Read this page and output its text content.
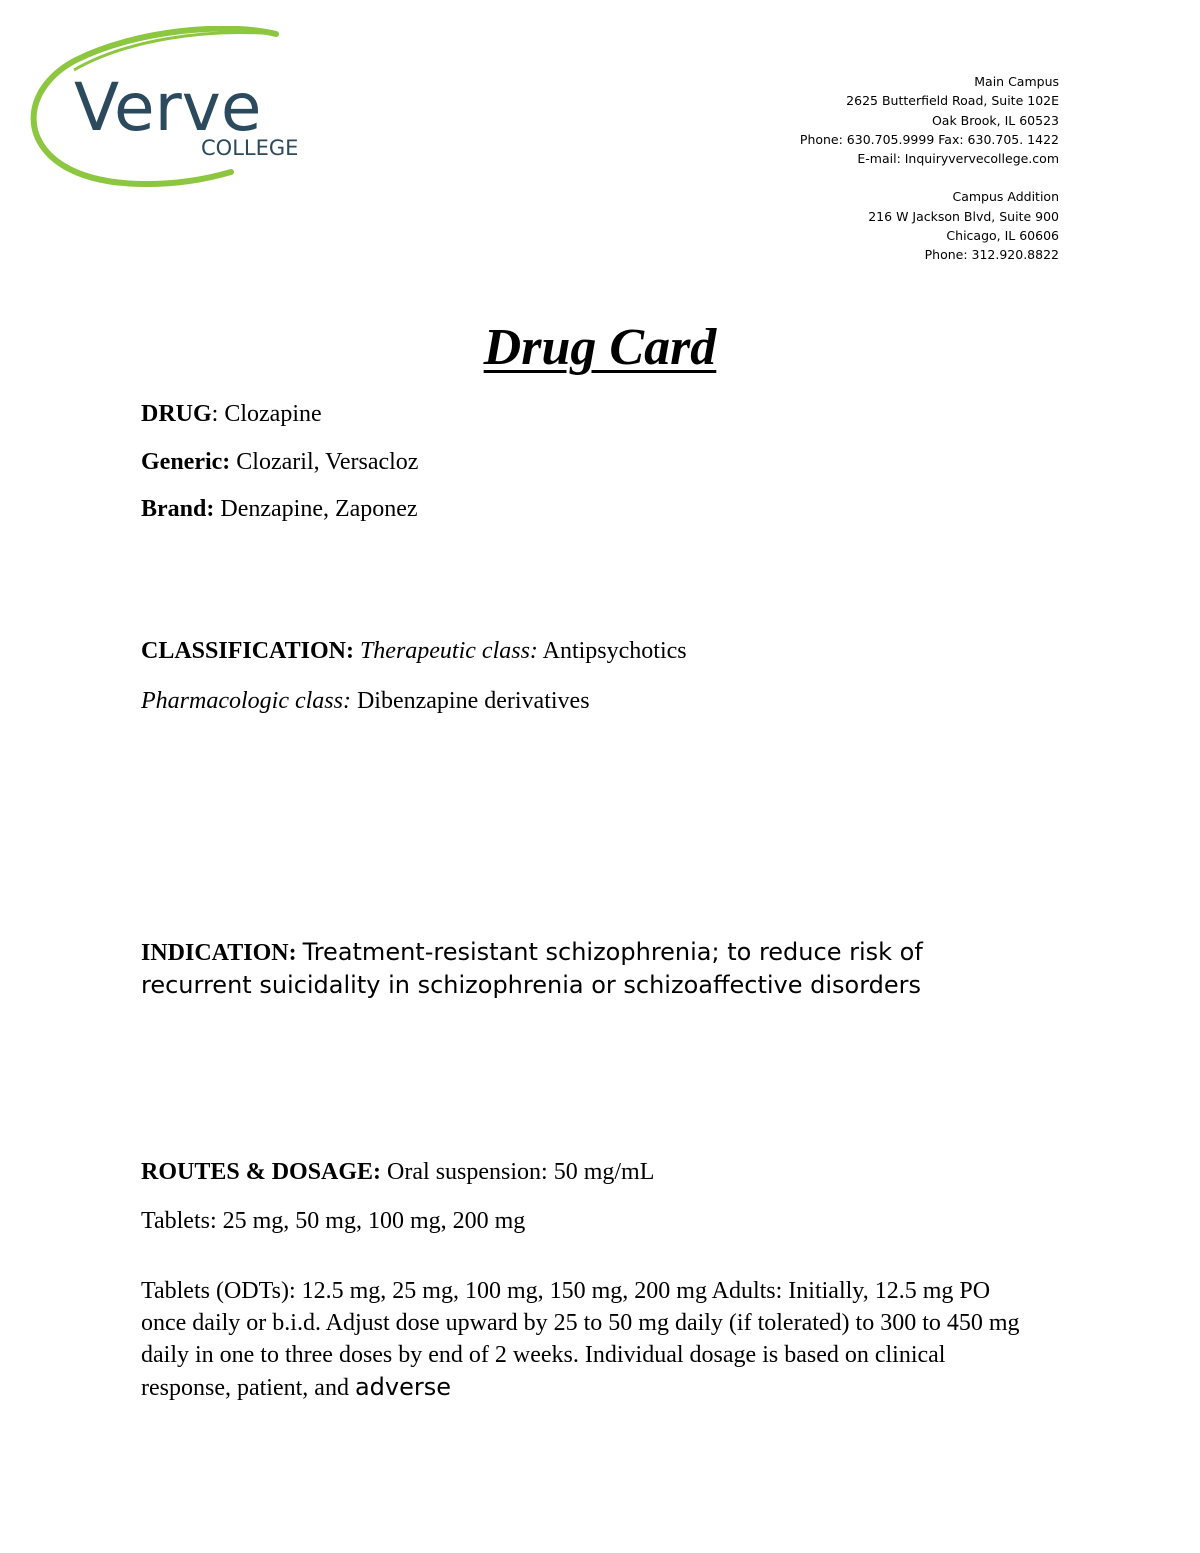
Verve
COLLEGE
Main Campus
2625 Butterfield Road, Suite 102E
Oak Brook, IL 60523
Phone: 630.705.9999 Fax: 630.705. 1422
E-mail: Inquiryvervecollege.com
Campus Addition
216 W Jackson Blvd, Suite 900
Chicago, IL 60606
Phone: 312.920.8822
Drug Card
DRUG: Clozapine
Generic: Clozaril, Versacloz
Brand: Denzapine, Zaponez
CLASSIFICATION: Therapeutic class: Antipsychotics
Pharmacologic class: Dibenzapine derivatives
INDICATION: Treatment-resistant schizophrenia; to reduce risk of
recurrent suicidality in schizophrenia or schizoaffective disorders
ROUTES & DOSAGE: Oral suspension: 50 mg/mL
Tablets: 25 mg, 50 mg, 100 mg, 200 mg
Tablets (ODTs): 12.5 mg, 25 mg, 100 mg, 150 mg, 200 mg Adults: Initially, 12.5 mg PO once daily or b.i.d. Adjust dose upward by 25 to 50 mg daily (if tolerated) to 300 to 450 mg daily in one to three doses by end of 2 weeks. Individual dosage is based on clinical response, patient, and adverse
